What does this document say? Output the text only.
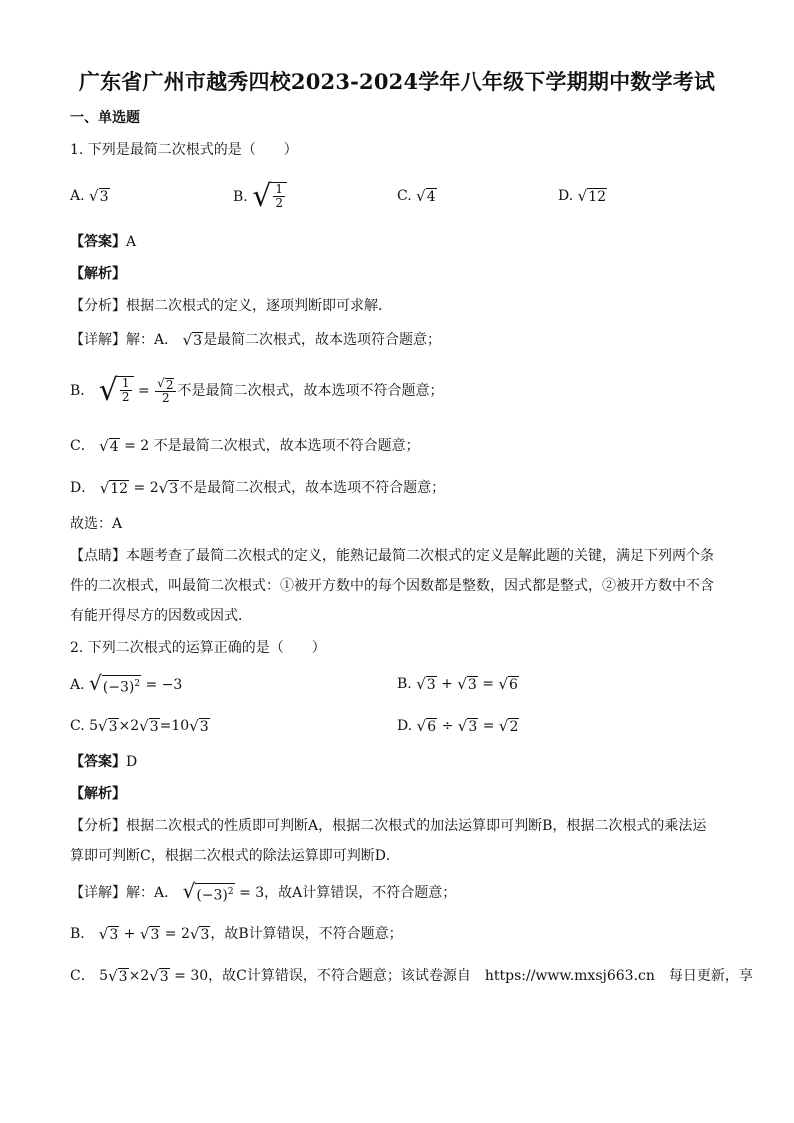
广东省广州市越秀四校2023-2024学年八年级下学期期中数学考试
一、单选题
1. 下列是最简二次根式的是（　　）
A. √ 3	B. √ $\frac{1}{2}$	C. √ 4	D. √ 12
【答案】A
【解析】
【分析】根据二次根式的定义，逐项判断即可求解．
【详解】解：A． √ 3 是最简二次根式，故本选项符合题意；
B． √ $\frac{1}{2} = \frac{√ 2}{2}$ 不是最简二次根式，故本选项不符合题意；
C． √ 4 = 2 不是最简二次根式，故本选项不符合题意；
D． √ 12 = 2 √ 3 不是最简二次根式，故本选项不符合题意；
故选：A
【点睛】本题考查了最简二次根式的定义，能熟记最简二次根式的定义是解此题的关键，满足下列两个条
件的二次根式，叫最简二次根式：①被开方数中的每个因数都是整数，因式都是整式，②被开方数中不含
有能开得尽方的因数或因式．
2. 下列二次根式的运算正确的是（　　）
A. √ $(-3)^2 = -3$	B. √ 3 + √ 3 = √ 6
C. 5 √ 3 ×2 √ 3 =10 √ 3	D. √ 6 ÷ √ 3 = √ 2
【答案】D
【解析】
【分析】根据二次根式的性质即可判断A，根据二次根式的加法运算即可判断B，根据二次根式的乘法运
算即可判断C，根据二次根式的除法运算即可判断D．
【详解】解：A． √ $(-3)^2 = 3$，故A计算错误，不符合题意；
B． √ 3 + √ 3 = 2 √ 3 ，故B计算错误，不符合题意；
C． 5 √ 3 ×2 √ 3 = 30，故C计算错误，不符合题意；该试卷源自　https://www.mxsj663.cn　每日更新，享
